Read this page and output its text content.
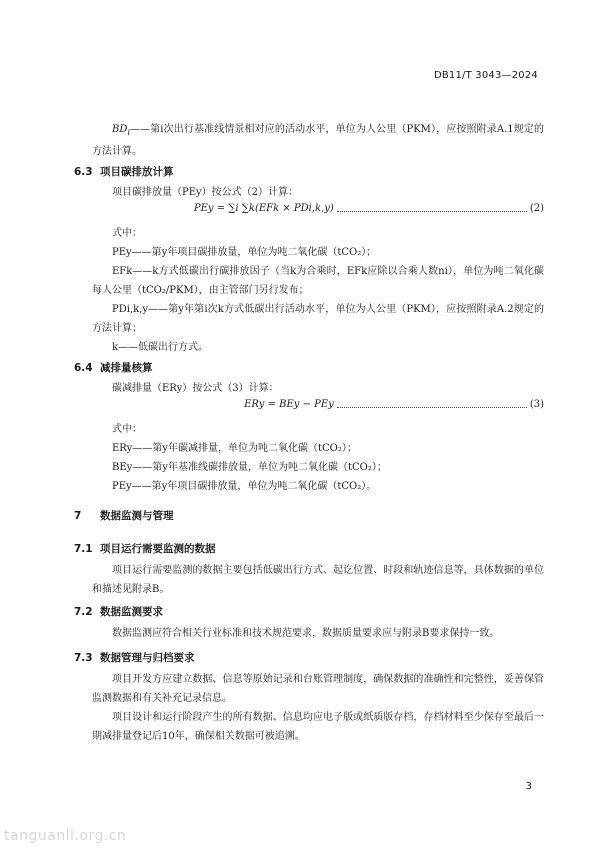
DB11/T 3043—2024
$BD_i——$第i次出行基准线情景相对应的活动水平，单位为人公里（PKM），应按照附录A.1规定的方法计算。
6.3 项目碳排放计算
项目碳排放量（PEy）按公式（2）计算：
PEy = ∑i ∑k(EFk × PDi,k,y)	(2)
式中：
PEy——第y年项目碳排放量，单位为吨二氧化碳（tCO₂）；
EFk——k方式低碳出行碳排放因子（当k为合乘时，EFk应除以合乘人数ni），单位为吨二氧化碳每人公里（tCO₂/PKM），由主管部门另行发布；
PDi,k,y——第y年第i次k方式低碳出行活动水平，单位为人公里（PKM），应按照附录A.2规定的方法计算；
k——低碳出行方式。
6.4 减排量核算
碳减排量（ERy）按公式（3）计算：
ERy = BEy − PEy	(3)
式中：
ERy——第y年碳减排量，单位为吨二氧化碳（tCO₂）；
BEy——第y年基准线碳排放量，单位为吨二氧化碳（tCO₂）；
PEy——第y年项目碳排放量，单位为吨二氧化碳（tCO₂）。
7 数据监测与管理
7.1 项目运行需要监测的数据
项目运行需要监测的数据主要包括低碳出行方式、起讫位置、时段和轨迹信息等，具体数据的单位和描述见附录B。
7.2 数据监测要求
数据监测应符合相关行业标准和技术规范要求，数据质量要求应与附录B要求保持一致。
7.3 数据管理与归档要求
项目开发方应建立数据、信息等原始记录和台账管理制度，确保数据的准确性和完整性，妥善保管监测数据和有关补充记录信息。
项目设计和运行阶段产生的所有数据、信息均应电子版或纸质版存档，存档材料至少保存至最后一期减排量登记后10年，确保相关数据可被追溯。
3
tanguanli.org.cn
